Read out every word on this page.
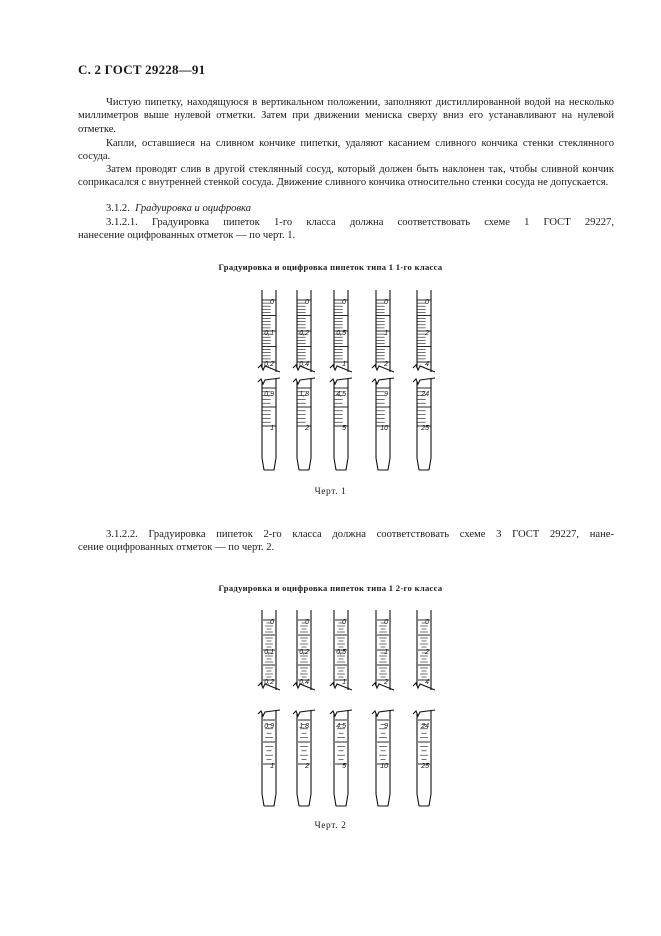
С. 2 ГОСТ 29228—91
Чистую пипетку, находящуюся в вертикальном положении, заполняют дистиллированной водой на несколько миллиметров выше нулевой отметки. Затем при движении мениска сверху вниз его устанавливают на нулевой отметке.
Капли, оставшиеся на сливном кончике пипетки, удаляют касанием сливного кончика стенки стеклянного сосуда.
Затем проводят слив в другой стеклянный сосуд, который должен быть наклонен так, чтобы сливной кончик соприкасался с внутренней стенкой сосуда. Движение сливного кончика относительно стенки сосуда не допускается.
3.1.2. Градуировка и оцифровка
3.1.2.1. Градуировка пипеток 1-го класса должна соответствовать схеме 1 ГОСТ 29227,
нанесение оцифрованных отметок — по черт. 1.
Градуировка и оцифровка пипеток типа 1 1-го класса
0
0,1
0,2
0,9
1
0
0,2
0,4
1,8
2
0
0,5
1
4,5
5
0
1
2
9
10
0
2
4
24
25
Черт. 1
3.1.2.2. Градуировка пипеток 2-го класса должна соответствовать схеме 3 ГОСТ 29227, нане-
сение оцифрованных отметок — по черт. 2.
Градуировка и оцифровка пипеток типа 1 2-го класса
0
0,1
0,2
0,9
1
0
0,2
0,4
1,8
2
0
0,5
1
4,5
5
0
1
2
9
10
0
2
4
24
25
Черт. 2
